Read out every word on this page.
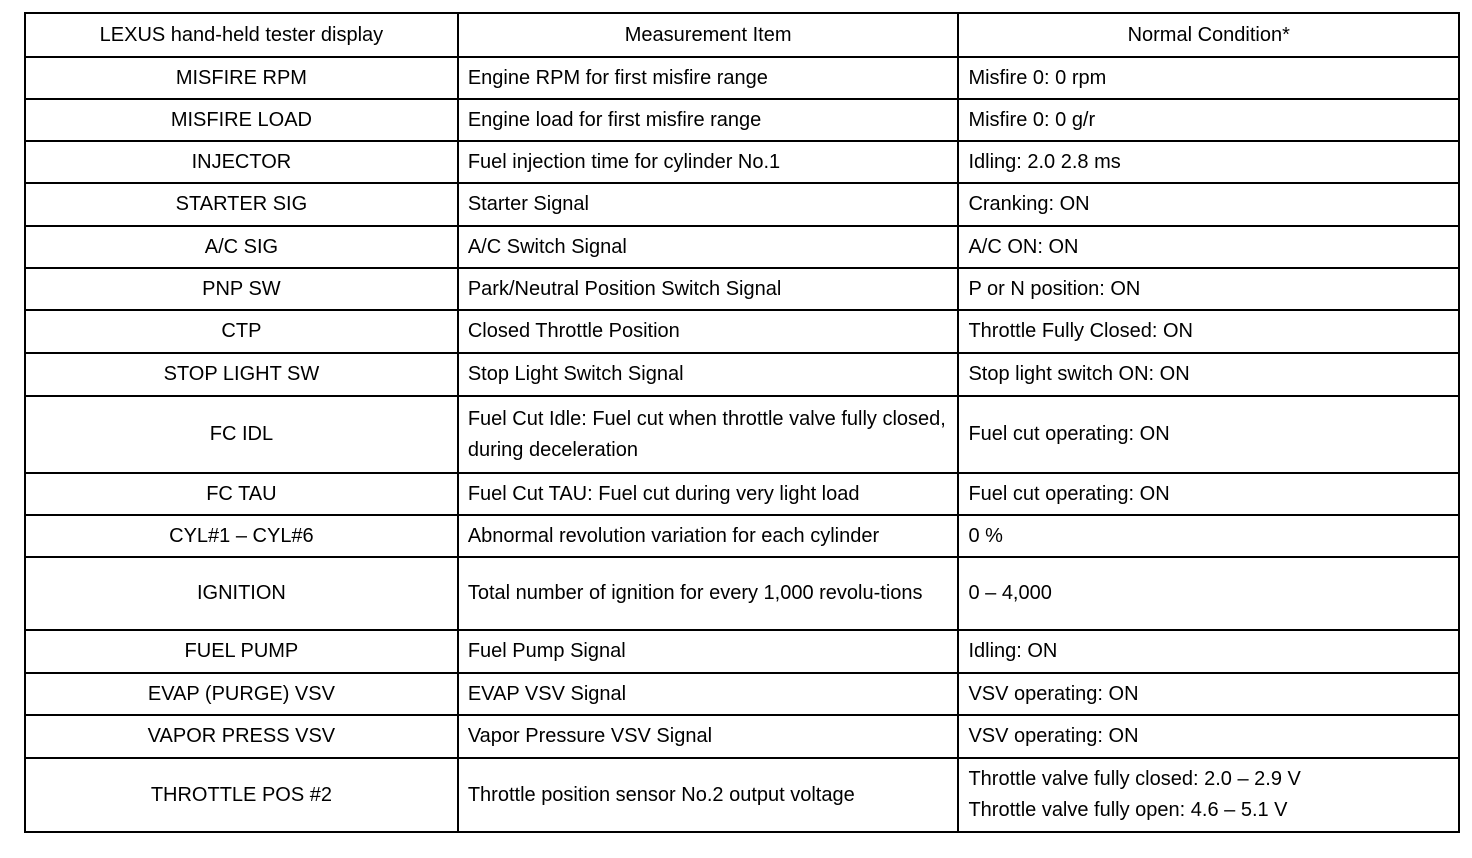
LEXUS hand-held tester display	Measurement Item	Normal Condition*
MISFIRE RPM	Engine RPM for first misfire range	Misfire 0: 0 rpm

MISFIRE LOAD	Engine load for first misfire range	Misfire 0: 0 g/r

INJECTOR	Fuel injection time for cylinder No.1	Idling: 2.0 2.8 ms

STARTER SIG	Starter Signal	Cranking: ON

A/C SIG	A/C Switch Signal	A/C ON: ON

PNP SW	Park/Neutral Position Switch Signal	P or N position: ON

CTP	Closed Throttle Position	Throttle Fully Closed: ON

STOP LIGHT SW	Stop Light Switch Signal	Stop light switch ON: ON

FC IDL	Fuel Cut Idle: Fuel cut when throttle valve fully closed, during deceleration	Fuel cut operating: ON

FC TAU	Fuel Cut TAU: Fuel cut during very light load	Fuel cut operating: ON

CYL#1 – CYL#6	Abnormal revolution variation for each cylinder	0 %

IGNITION	Total number of ignition for every 1,000 revolu-tions	0 – 4,000

FUEL PUMP	Fuel Pump Signal	Idling: ON

EVAP (PURGE) VSV	EVAP VSV Signal	VSV operating: ON

VAPOR PRESS VSV	Vapor Pressure VSV Signal	VSV operating: ON

THROTTLE POS #2	Throttle position sensor No.2 output voltage	Throttle valve fully closed: 2.0 – 2.9 V
Throttle valve fully open: 4.6 – 5.1 V
